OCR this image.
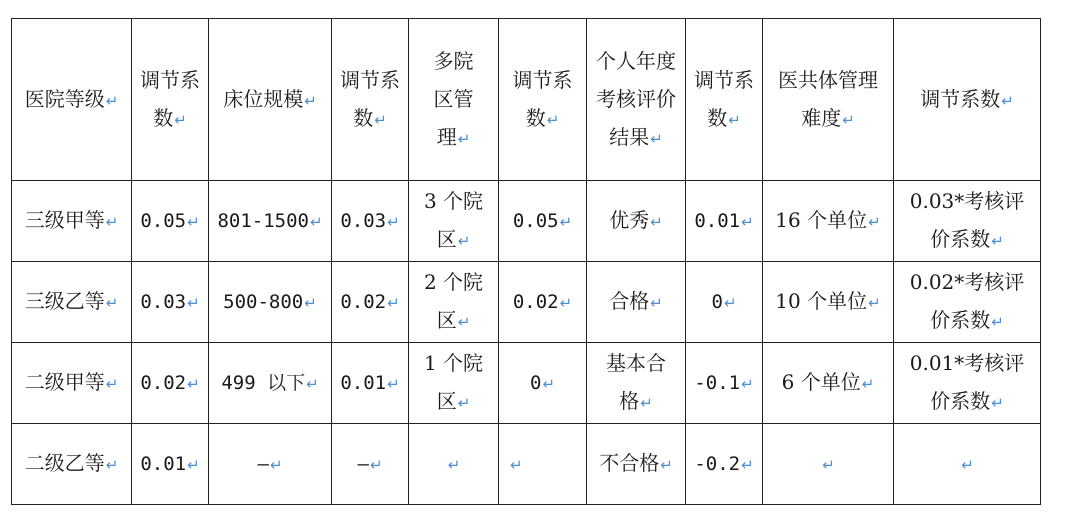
医院等级↵	调节系数↵	床位规模↵	调节系数↵	多院区管理↵	调节系数↵	个人年度考核评价结果↵	调节系数↵	医共体管理难度↵	调节系数↵
三级甲等↵	0.05↵	801-1500↵	0.03↵	3 个院区↵	0.05↵	优秀↵	0.01↵	16 个单位↵	0.03*考核评价系数↵
三级乙等↵	0.03↵	500-800↵	0.02↵	2 个院区↵	0.02↵	合格↵	0↵	10 个单位↵	0.02*考核评价系数↵
二级甲等↵	0.02↵	499 以下↵	0.01↵	1 个院区↵	0↵	基本合格↵	-0.1↵	6 个单位↵	0.01*考核评价系数↵
二级乙等↵	0.01↵	–↵	–↵	↵	↵	不合格↵	-0.2↵	↵	↵
